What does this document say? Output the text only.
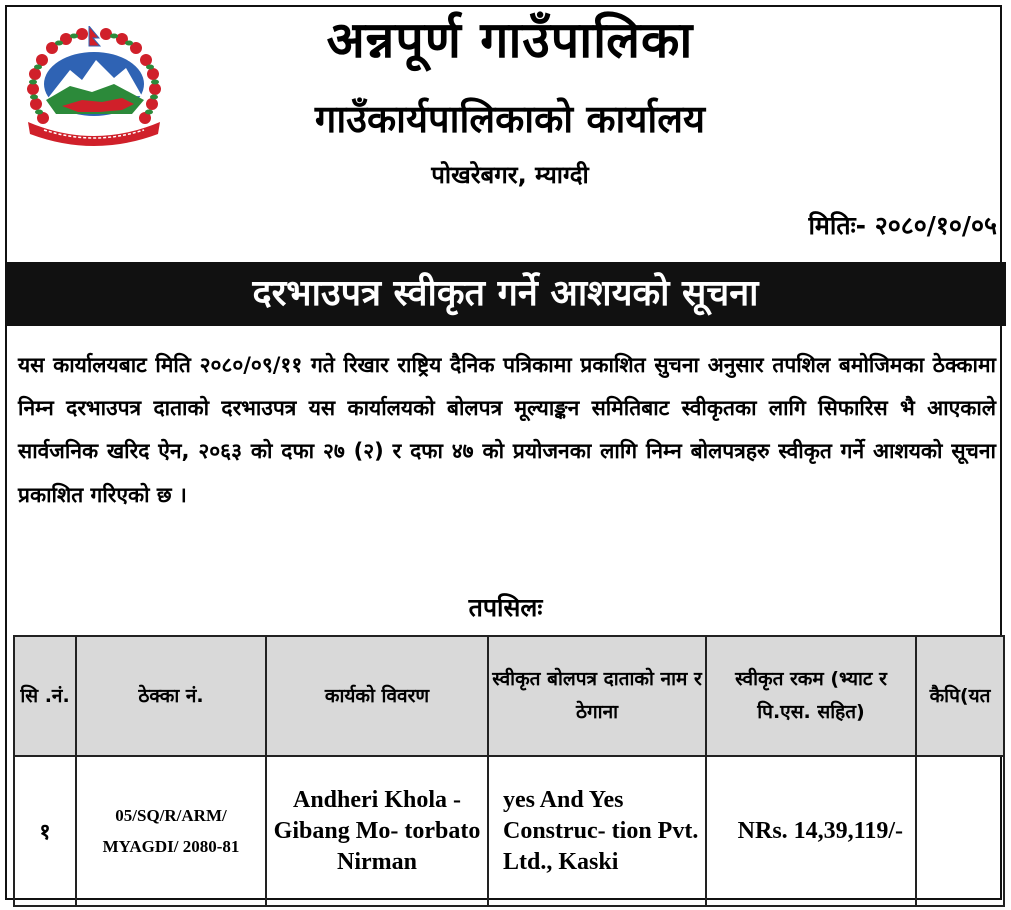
अन्नपूर्ण गाउँपालिका
गाउँकार्यपालिकाको कार्यालय
पोखरेबगर, म्याग्दी
मितिः- २०८०/१०/०५
दरभाउपत्र स्वीकृत गर्ने आशयको सूचना
यस कार्यालयबाट मिति २०८०/०९/११ गते रिखार राष्ट्रिय दैनिक पत्रिकामा प्रकाशित सुचना अनुसार तपशिल बमोजिमका ठेक्कामा निम्न दरभाउपत्र दाताको दरभाउपत्र यस कार्यालयको बोलपत्र मूल्याङ्कन समितिबाट स्वीकृतका लागि सिफारिस भै आएकाले सार्वजनिक खरिद ऐन, २०६३ को दफा २७ (२) र दफा ४७ को प्रयोजनका लागि निम्न बोलपत्रहरु स्वीकृत गर्ने आशयको सूचना प्रकाशित गरिएको छ ।
तपसिलः
सि .नं.	ठेक्का नं.	कार्यको विवरण	स्वीकृत बोलपत्र दाताको नाम र ठेगाना	स्वीकृत रकम (भ्याट र पि.एस. सहित)	कैपि(यत
१	05/SQ/R/ARM/ MYAGDI/ 2080-81	Andheri Khola -Gibang Mo- torbato Nirman	yes And Yes Construc- tion Pvt. Ltd., Kaski	NRs. 14,39,119/-	
